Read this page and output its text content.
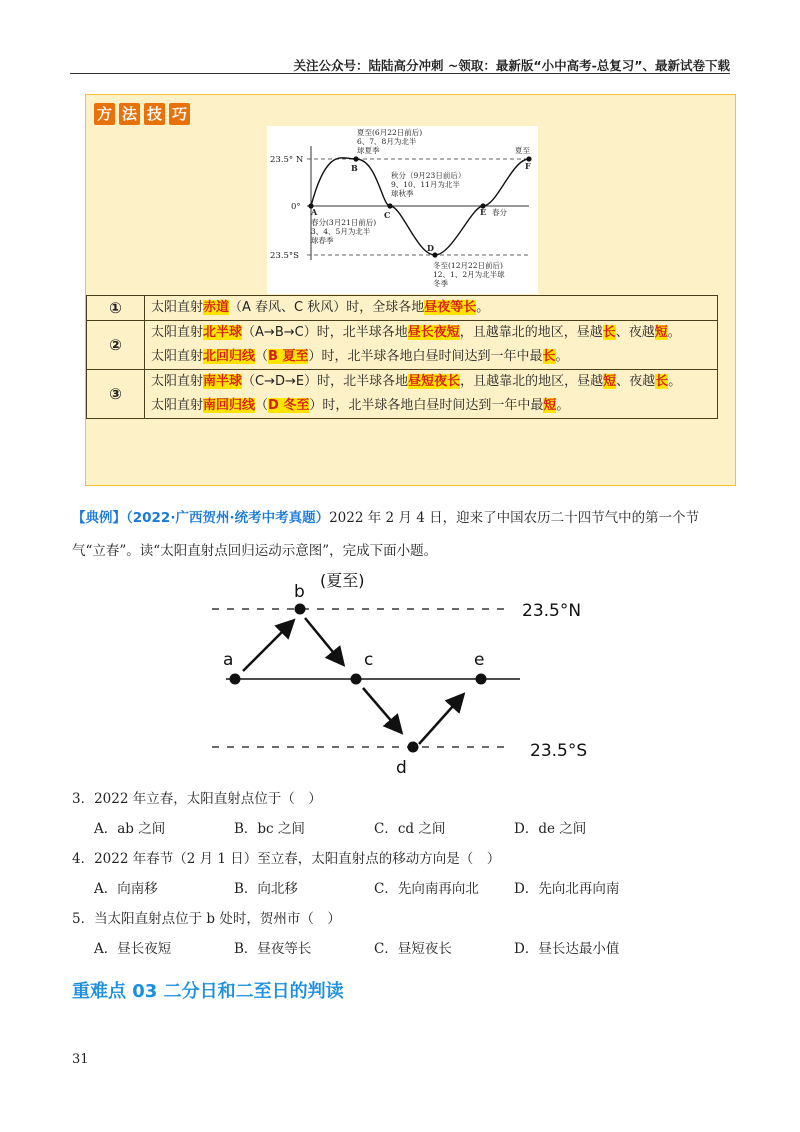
关注公众号：陆陆高分冲刺 ~领取：最新版“小中高考-总复习”、最新试卷下载
方 法 技 巧
23.5° N
0°
23.5°S
A
B
C
D
E
F
夏至(6月22日前后)
6、7、8月为北半
球夏季	夏至
秋分（9月23日前后）
9、10、11月为北半
球秋季
春分(3月21日前后)
3、4、5月为北半
球春季
春分
冬至(12月22日前后)
12、1、2月为北半球
冬季
①	太阳直射赤道（A 春风、C 秋风）时，全球各地昼夜等长。

②	太阳直射北半球（A→B→C）时，北半球各地昼长夜短，且越靠北的地区，昼越长、夜越短。
太阳直射北回归线（B 夏至）时，北半球各地白昼时间达到一年中最长。

③	太阳直射南半球（C→D→E）时，北半球各地昼短夜长，且越靠北的地区，昼越短、夜越长。
太阳直射南回归线（D 冬至）时，北半球各地白昼时间达到一年中最短。
【典例】（2022·广西贺州·统考中考真题）2022 年 2 月 4 日，迎来了中国农历二十四节气中的第一个节气“立春”。读“太阳直射点回归运动示意图”，完成下面小题。
23.5°N
23.5°S
(夏至)
a
b
c
d
e
3．2022 年立春，太阳直射点位于（　）
A．ab 之间	B．bc 之间	C．cd 之间	D．de 之间
4．2022 年春节（2 月 1 日）至立春，太阳直射点的移动方向是（　）
A．向南移	B．向北移	C．先向南再向北	D．先向北再向南
5．当太阳直射点位于 b 处时，贺州市（　）
A．昼长夜短	B．昼夜等长	C．昼短夜长	D．昼长达最小值
重难点 03 二分日和二至日的判读
31
